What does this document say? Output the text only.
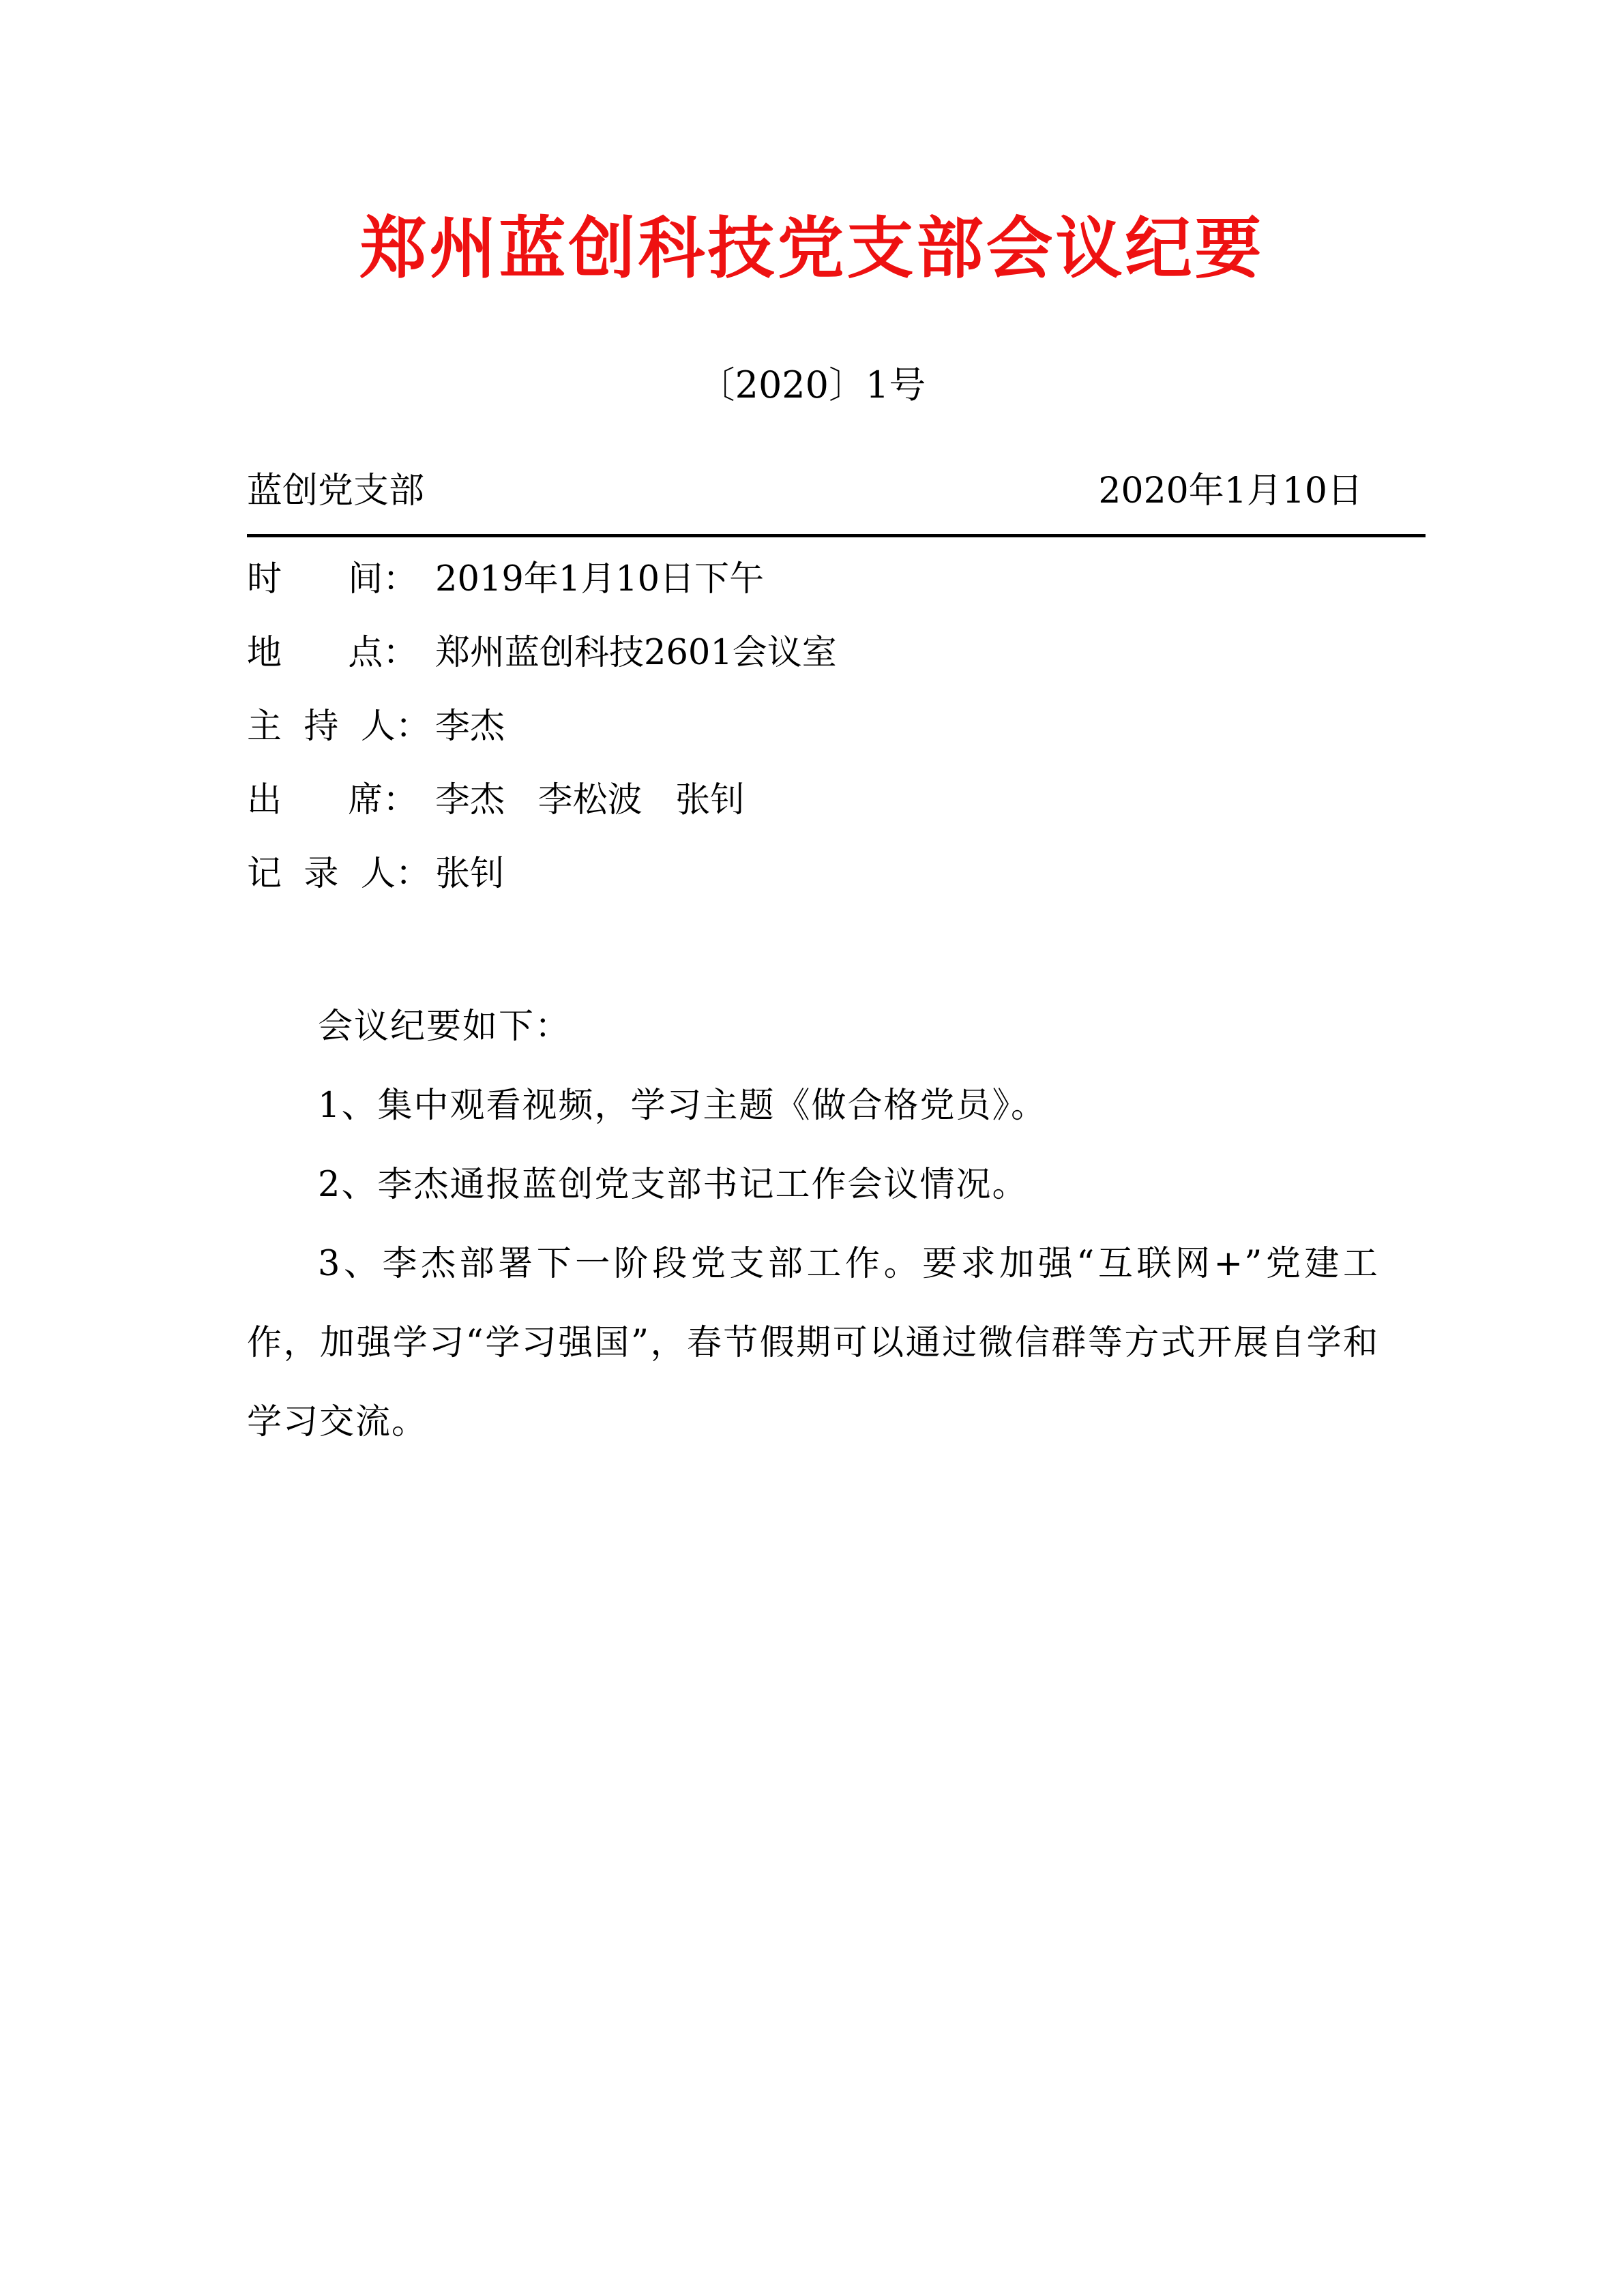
郑州蓝创科技党支部会议纪要
〔2020〕1号
蓝创党支部	2020年1月10日
时      间： 2019年1月10日下午
地      点： 郑州蓝创科技2601会议室
主  持  人： 李杰
出      席： 李杰   李松波   张钊
记  录  人： 张钊

会议纪要如下：

1、集中观看视频，学习主题《做合格党员》。

2、李杰通报蓝创党支部书记工作会议情况。

3、李杰部署下一阶段党支部工作。要求加强“互联网+”党建工作，加强学习“学习强国”，春节假期可以通过微信群等方式开展自学和学习交流。
